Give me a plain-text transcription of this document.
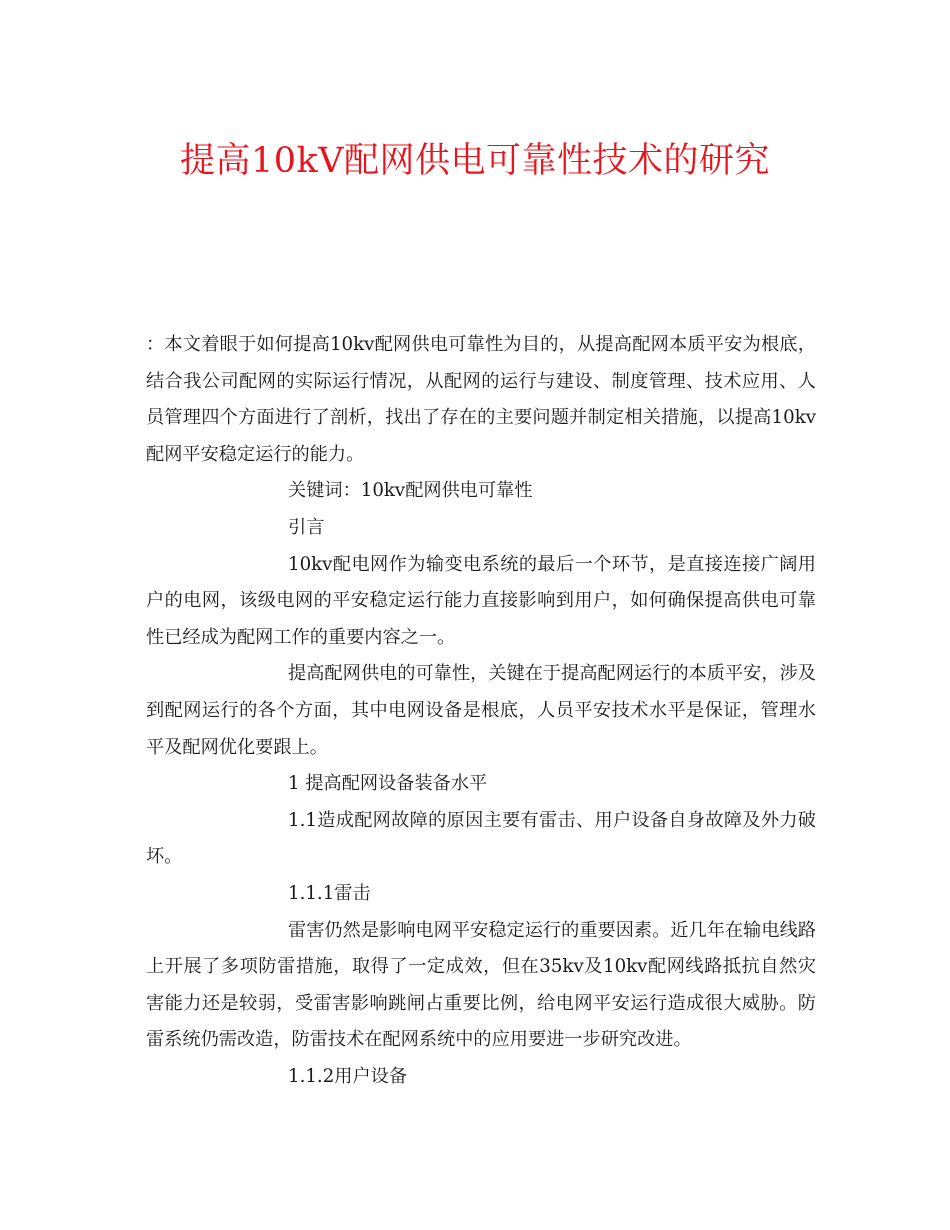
提高10kV配网供电可靠性技术的研究

：本文着眼于如何提高10kv配网供电可靠性为目的，从提高配网本质平安为根底，结合我公司配网的实际运行情况，从配网的运行与建设、制度管理、技术应用、人员管理四个方面进行了剖析，找出了存在的主要问题并制定相关措施，以提高10kv 配网平安稳定运行的能力。

关键词：10kv配网供电可靠性

引言

10kv配电网作为输变电系统的最后一个环节，是直接连接广阔用户的电网，该级电网的平安稳定运行能力直接影响到用户，如何确保提高供电可靠性已经成为配网工作的重要内容之一。

提高配网供电的可靠性，关键在于提高配网运行的本质平安，涉及到配网运行的各个方面，其中电网设备是根底，人员平安技术水平是保证，管理水平及配网优化要跟上。

1 提高配网设备装备水平

1.1造成配网故障的原因主要有雷击、用户设备自身故障及外力破坏。

1.1.1雷击

雷害仍然是影响电网平安稳定运行的重要因素。近几年在输电线路上开展了多项防雷措施，取得了一定成效，但在35kv及10kv配网线路抵抗自然灾害能力还是较弱，受雷害影响跳闸占重要比例，给电网平安运行造成很大威胁。防雷系统仍需改造，防雷技术在配网系统中的应用要进一步研究改进。

1.1.2用户设备
